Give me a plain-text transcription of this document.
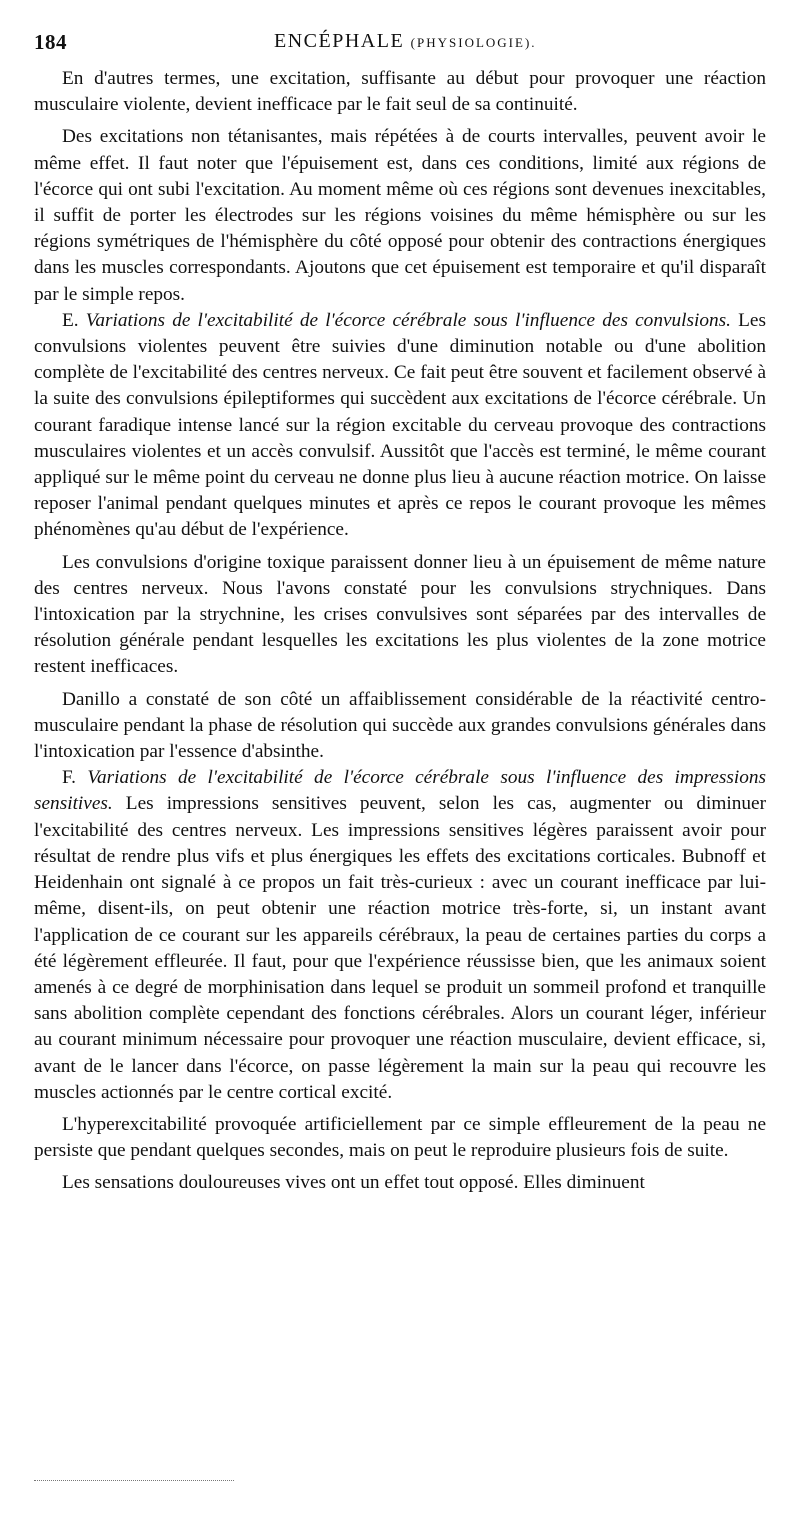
184	ENCÉPHALE (PHYSIOLOGIE).

En d'autres termes, une excitation, suffisante au début pour provoquer une réaction musculaire violente, devient inefficace par le fait seul de sa continuité.

Des excitations non tétanisantes, mais répétées à de courts intervalles, peuvent avoir le même effet. Il faut noter que l'épuisement est, dans ces conditions, limité aux régions de l'écorce qui ont subi l'excitation. Au moment même où ces régions sont devenues inexcitables, il suffit de porter les électrodes sur les régions voisines du même hémisphère ou sur les régions symétriques de l'hémisphère du côté opposé pour obtenir des contractions énergiques dans les muscles correspondants. Ajoutons que cet épuisement est temporaire et qu'il disparaît par le simple repos.

E. Variations de l'excitabilité de l'écorce cérébrale sous l'influence des convulsions. Les convulsions violentes peuvent être suivies d'une diminution notable ou d'une abolition complète de l'excitabilité des centres nerveux. Ce fait peut être souvent et facilement observé à la suite des convulsions épileptiformes qui succèdent aux excitations de l'écorce cérébrale. Un courant faradique intense lancé sur la région excitable du cerveau provoque des contractions musculaires violentes et un accès convulsif. Aussitôt que l'accès est terminé, le même courant appliqué sur le même point du cerveau ne donne plus lieu à aucune réaction motrice. On laisse reposer l'animal pendant quelques minutes et après ce repos le courant provoque les mêmes phénomènes qu'au début de l'expérience.

Les convulsions d'origine toxique paraissent donner lieu à un épuisement de même nature des centres nerveux. Nous l'avons constaté pour les convulsions strychniques. Dans l'intoxication par la strychnine, les crises convulsives sont séparées par des intervalles de résolution générale pendant lesquelles les excitations les plus violentes de la zone motrice restent inefficaces.

Danillo a constaté de son côté un affaiblissement considérable de la réactivité centro-musculaire pendant la phase de résolution qui succède aux grandes convulsions générales dans l'intoxication par l'essence d'absinthe.

F. Variations de l'excitabilité de l'écorce cérébrale sous l'influence des impressions sensitives. Les impressions sensitives peuvent, selon les cas, augmenter ou diminuer l'excitabilité des centres nerveux. Les impressions sensitives légères paraissent avoir pour résultat de rendre plus vifs et plus énergiques les effets des excitations corticales. Bubnoff et Heidenhain ont signalé à ce propos un fait très-curieux : avec un courant inefficace par lui-même, disent-ils, on peut obtenir une réaction motrice très-forte, si, un instant avant l'application de ce courant sur les appareils cérébraux, la peau de certaines parties du corps a été légèrement effleurée. Il faut, pour que l'expérience réussisse bien, que les animaux soient amenés à ce degré de morphinisation dans lequel se produit un sommeil profond et tranquille sans abolition complète cependant des fonctions cérébrales. Alors un courant léger, inférieur au courant minimum nécessaire pour provoquer une réaction musculaire, devient efficace, si, avant de le lancer dans l'écorce, on passe légèrement la main sur la peau qui recouvre les muscles actionnés par le centre cortical excité.

L'hyperexcitabilité provoquée artificiellement par ce simple effleurement de la peau ne persiste que pendant quelques secondes, mais on peut le reproduire plusieurs fois de suite.

Les sensations douloureuses vives ont un effet tout opposé. Elles diminuent
